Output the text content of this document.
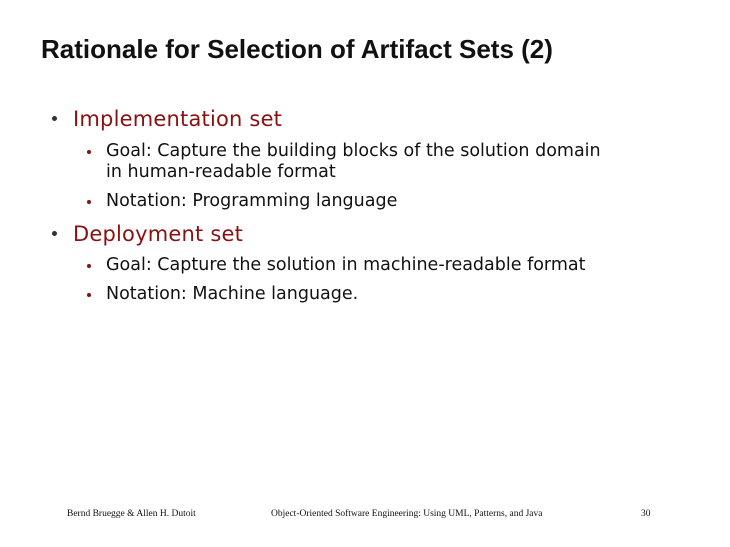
Rationale for Selection of Artifact Sets (2)
Implementation set
Goal: Capture the building blocks of the solution domain
in human-readable format
Notation: Programming language
Deployment set
Goal: Capture the solution in machine-readable format
Notation: Machine language.
Bernd Bruegge & Allen H. Dutoit	Object-Oriented Software Engineering: Using UML, Patterns, and Java	30
